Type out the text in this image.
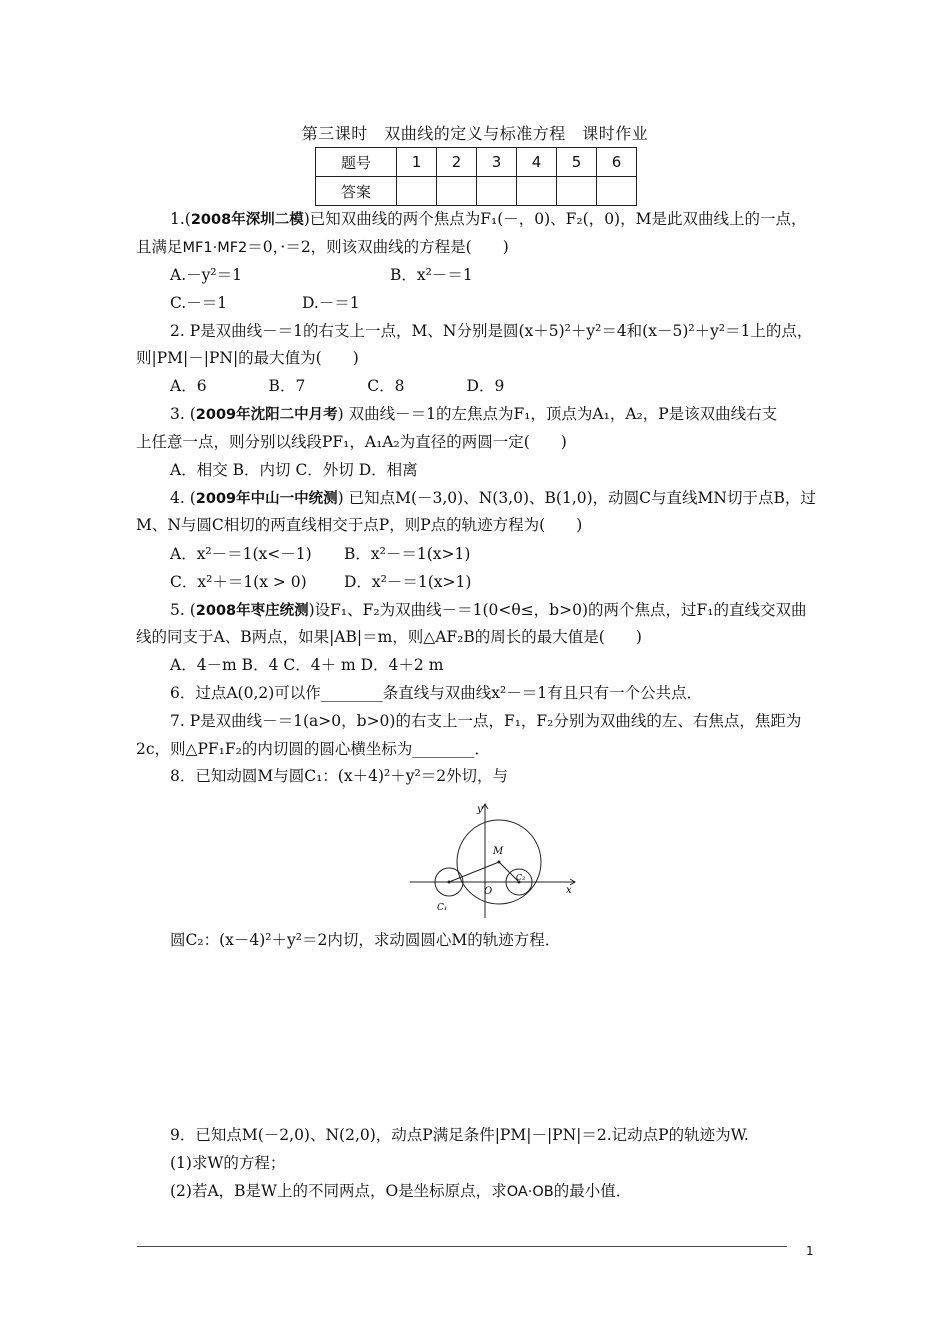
第三课时　双曲线的定义与标准方程　课时作业
题号	1	2	3	4	5	6
答案						
1.(2008年深圳二模)已知双曲线的两个焦点为F₁(－，0)、F₂(，0)，M是此双曲线上的一点，
且满足MF1·MF2＝0，·＝2，则该双曲线的方程是(　　)
A.－y²＝1	B．x²－＝1
C.－＝1	D.－＝1
2. P是双曲线－＝1的右支上一点，M、N分别是圆(x＋5)²＋y²＝4和(x－5)²＋y²＝1上的点，
则|PM|－|PN|的最大值为(　　)
A．6　　　　B．7　　　　C．8　　　　D．9
3. (2009年沈阳二中月考) 双曲线－＝1的左焦点为F₁，顶点为A₁，A₂，P是该双曲线右支
上任意一点，则分别以线段PF₁，A₁A₂为直径的两圆一定(　　)
A．相交 B．内切 C．外切 D．相离
4. (2009年中山一中统测) 已知点M(－3,0)、N(3,0)、B(1,0)，动圆C与直线MN切于点B，过
M、N与圆C相切的两直线相交于点P，则P点的轨迹方程为(　　)
A．x²－＝1(x<－1) B．x²－＝1(x>1)
C．x²＋＝1(x > 0) D．x²－＝1(x>1)
5. (2008年枣庄统测)设F₁、F₂为双曲线－＝1(0<θ≤，b>0)的两个焦点，过F₁的直线交双曲
线的同支于A、B两点，如果|AB|＝m，则△AF₂B的周长的最大值是(　　)
A．4－m B．4 C．4＋ m D．4＋2 m
6．过点A(0,2)可以作________条直线与双曲线x²－＝1有且只有一个公共点．
7. P是双曲线－＝1(a>0，b>0)的右支上一点，F₁，F₂分别为双曲线的左、右焦点，焦距为
2c，则△PF₁F₂的内切圆的圆心横坐标为________．
8．已知动圆M与圆C₁：(x＋4)²＋y²＝2外切，与
y
x
M
O
C₁
C₂
圆C₂：(x－4)²＋y²＝2内切，求动圆圆心M的轨迹方程．
9．已知点M(－2,0)、N(2,0)，动点P满足条件|PM|－|PN|＝2.记动点P的轨迹为W.
(1)求W的方程；
(2)若A，B是W上的不同两点，O是坐标原点，求OA·OB的最小值．
1
